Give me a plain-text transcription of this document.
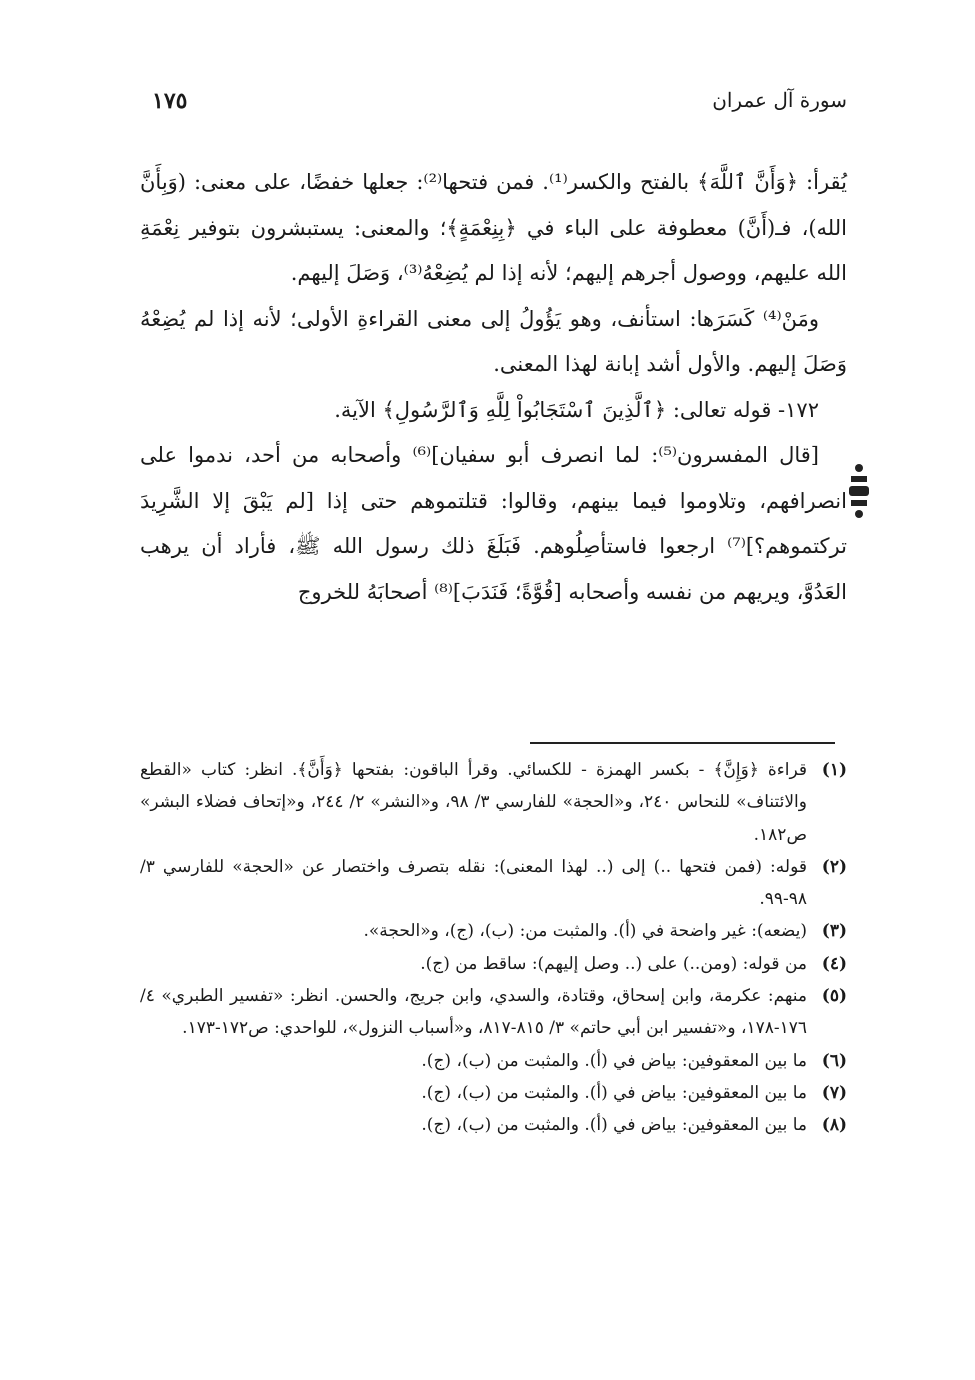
سورة آل عمران
١٧٥

يُقرأ: ﴿وَأَنَّ ٱللَّهَ﴾ بالفتح والكسر⁽¹⁾. فمن فتحها⁽²⁾: جعلها خفضًا، على معنى: (وَبِأَنَّ الله)، فـ(أَنَّ) معطوفة على الباء في ﴿بِنِعْمَةٍ﴾؛ والمعنى: يستبشرون بتوفير نِعْمَةِ الله عليهم، ووصول أجرهم إليهم؛ لأنه إذا لم يُضِعْهُ⁽³⁾، وَصَلَ إليهم.

ومَنْ⁽⁴⁾ كَسَرَها: استأنف، وهو يَؤُولُ إلى معنى القراءةِ الأولى؛ لأنه إذا لم يُضِعْهُ وَصَلَ إليهم. والأول أشد إبانة لهذا المعنى.

١٧٢- قوله تعالى: ﴿ٱلَّذِينَ ٱسْتَجَابُواْ لِلَّهِ وَٱلرَّسُولِ﴾ الآية.

[قال المفسرون⁽⁵⁾: لما انصرف أبو سفيان]⁽⁶⁾ وأصحابه من أحد، ندموا على انصرافهم، وتلاوموا فيما بينهم، وقالوا: قتلتموهم حتى إذا [لم يَبْقَ إلا الشَّرِيدَ تركتموهم؟]⁽⁷⁾ ارجعوا فاستأصِلُوهم. فَبَلَغَ ذلك رسول الله ﷺ، فأراد أن يرهب العَدُوَّ، ويريهم من نفسه وأصحابه [قُوَّةً؛ فَنَدَبَ]⁽⁸⁾ أصحابَهُ للخروج

(١)
قراءة ﴿وَإِنَّ﴾ - بكسر الهمزة - للكسائي. وقرأ الباقون: بفتحها ﴿وَأَنَّ﴾. انظر: كتاب «القطع والائتناف» للنحاس ٢٤٠، و«الحجة» للفارسي ٣/ ٩٨، و«النشر» ٢/ ٢٤٤، و«إتحاف فضلاء البشر» ص١٨٢.
(٢)
قوله: (فمن فتحها ..) إلى (.. لهذا المعنى): نقله بتصرف واختصار عن «الحجة» للفارسي ٣/ ٩٨-٩٩.
(٣)
(يضعه): غير واضحة في (أ). والمثبت من: (ب)، (ج)، و«الحجة».
(٤)
من قوله: (ومن..) على (.. وصل إليهم): ساقط من (ج).
(٥)
منهم: عكرمة، وابن إسحاق، وقتادة، والسدي، وابن جريج، والحسن. انظر: «تفسير الطبري» ٤/ ١٧٦-١٧٨، و«تفسير ابن أبي حاتم» ٣/ ٨١٥-٨١٧، و«أسباب النزول»، للواحدي: ص١٧٢-١٧٣.
(٦)
ما بين المعقوفين: بياض في (أ). والمثبت من (ب)، (ج).
(٧)
ما بين المعقوفين: بياض في (أ). والمثبت من (ب)، (ج).
(٨)
ما بين المعقوفين: بياض في (أ). والمثبت من (ب)، (ج).
